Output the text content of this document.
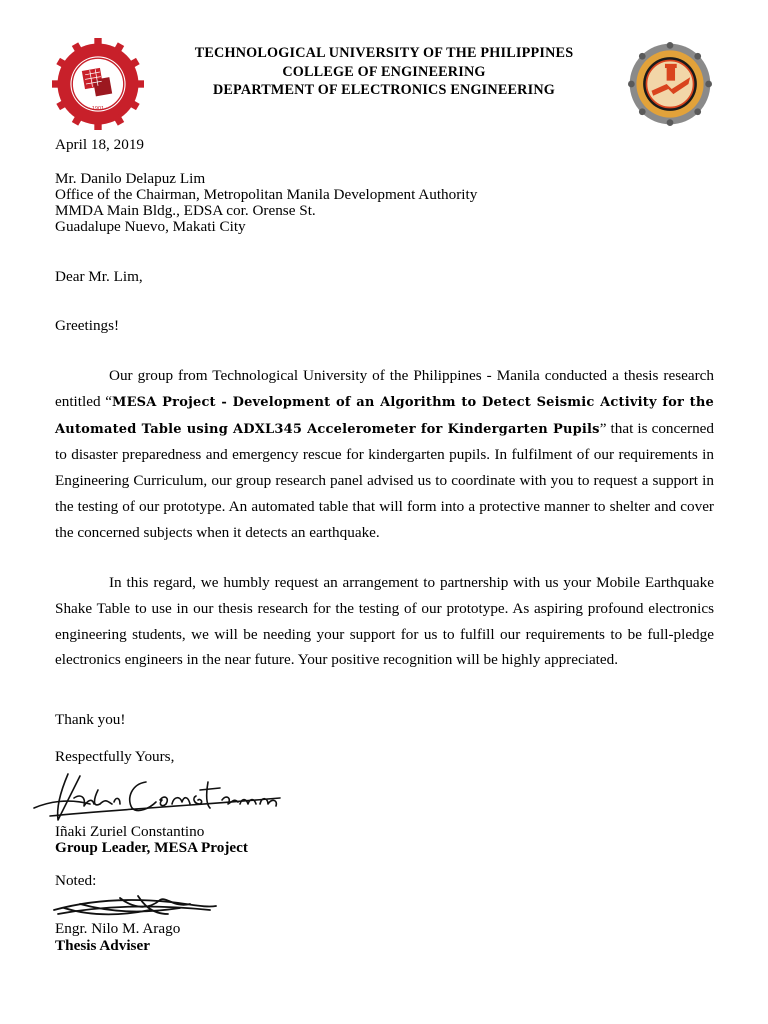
• 1901 •
TECHNOLOGICAL UNIVERSITY OF THE PHILIPPINES
COLLEGE OF ENGINEERING
DEPARTMENT OF ELECTRONICS ENGINEERING
April 18, 2019
Mr. Danilo Delapuz Lim
Office of the Chairman, Metropolitan Manila Development Authority
MMDA Main Bldg., EDSA cor. Orense St.
Guadalupe Nuevo, Makati City
Dear Mr. Lim,
Greetings!
Our group from Technological University of the Philippines - Manila conducted a thesis research entitled “MESA Project - Development of an Algorithm to Detect Seismic Activity for the Automated Table using ADXL345 Accelerometer for Kindergarten Pupils” that is concerned to disaster preparedness and emergency rescue for kindergarten pupils. In fulfilment of our requirements in Engineering Curriculum, our group research panel advised us to coordinate with you to request a support in the testing of our prototype. An automated table that will form into a protective manner to shelter and cover the concerned subjects when it detects an earthquake.
In this regard, we humbly request an arrangement to partnership with us your Mobile Earthquake Shake Table to use in our thesis research for the testing of our prototype. As aspiring profound electronics engineering students, we will be needing your support for us to fulfill our requirements to be full-pledge electronics engineers in the near future. Your positive recognition will be highly appreciated.
Thank you!
Respectfully Yours,
Iñaki Zuriel Constantino
Group Leader, MESA Project
Noted:
Engr. Nilo M. Arago
Thesis Adviser
